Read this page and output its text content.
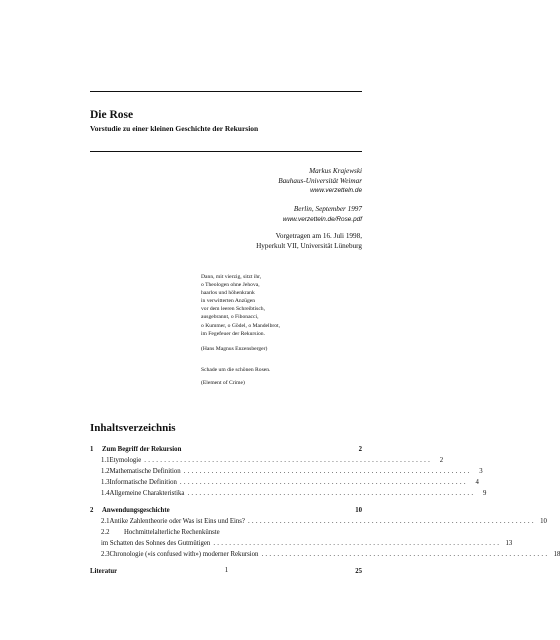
Die Rose
Vorstudie zu einer kleinen Geschichte der Rekursion
Markus Krajewski
Bauhaus-Universität Weimar
www.verzetteln.de
Berlin, September 1997
www.verzetteln.de/Rose.pdf
Vorgetragen am 16. Juli 1998,
Hyperkult VII, Universität Lüneburg
Dann, mit vierzig, sitzt ihr,
o Theologen ohne Jehova,
haarlos und höhenkrank
in verwitterten Anzügen
vor dem leeren Schreibtisch,
ausgebrannt, o Fibonacci,
o Kummer, o Gödel, o Mandelbrot,
im Fegefeuer der Rekursion.
(Hans Magnus Enzensberger)
Schade um die schönen Rosen.
(Element of Crime)
Inhaltsverzeichnis
1	Zum Begriff der Rekursion	2
1.1 Etymologie ........................................................................	2
1.2 Mathematische Definition ........................................................................	3
1.3 Informatische Definition ........................................................................	4
1.4 Allgemeine Charakteristika ........................................................................	9
2	Anwendungsgeschichte	10
2.1 Antike Zahlentheorie oder Was ist Eins und Eins? ........................................................................ 10
2.2	Hochmittelalterliche Rechenkünste
im Schatten des Sohnes des Gutmütigen ........................................................................ 13
2.3 Chronologie («is confused with») moderner Rekursion ........................................................................ 18
Literatur	25
1
